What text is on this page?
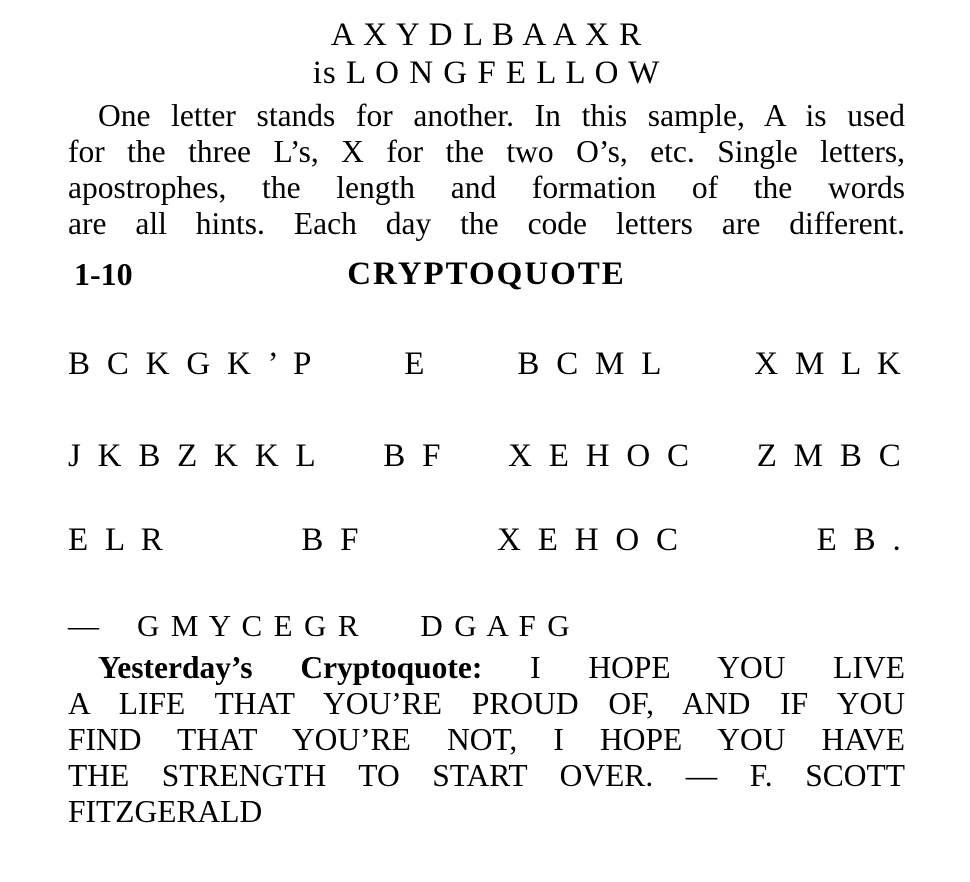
A X Y D L B A A X R
is L O N G F E L L O W
One letter stands for another. In this sample, A is used
for the three L’s, X for the two O’s, etc. Single letters,
apostrophes, the length and formation of the words
are all hints. Each day the code letters are different.
1-10	CRYPTOQUOTE
B C K G K ’ P	E	B C M L	X M L K
J K B Z K K L B F X E H O C Z M B C
E L R	B F	X E H O C	E B .
— G M Y C E G R D G A F G
Yesterday’s Cryptoquote: I HOPE YOU LIVE
A LIFE THAT YOU’RE PROUD OF, AND IF YOU
FIND THAT YOU’RE NOT, I HOPE YOU HAVE
THE STRENGTH TO START OVER. — F. SCOTT
FITZGERALD
